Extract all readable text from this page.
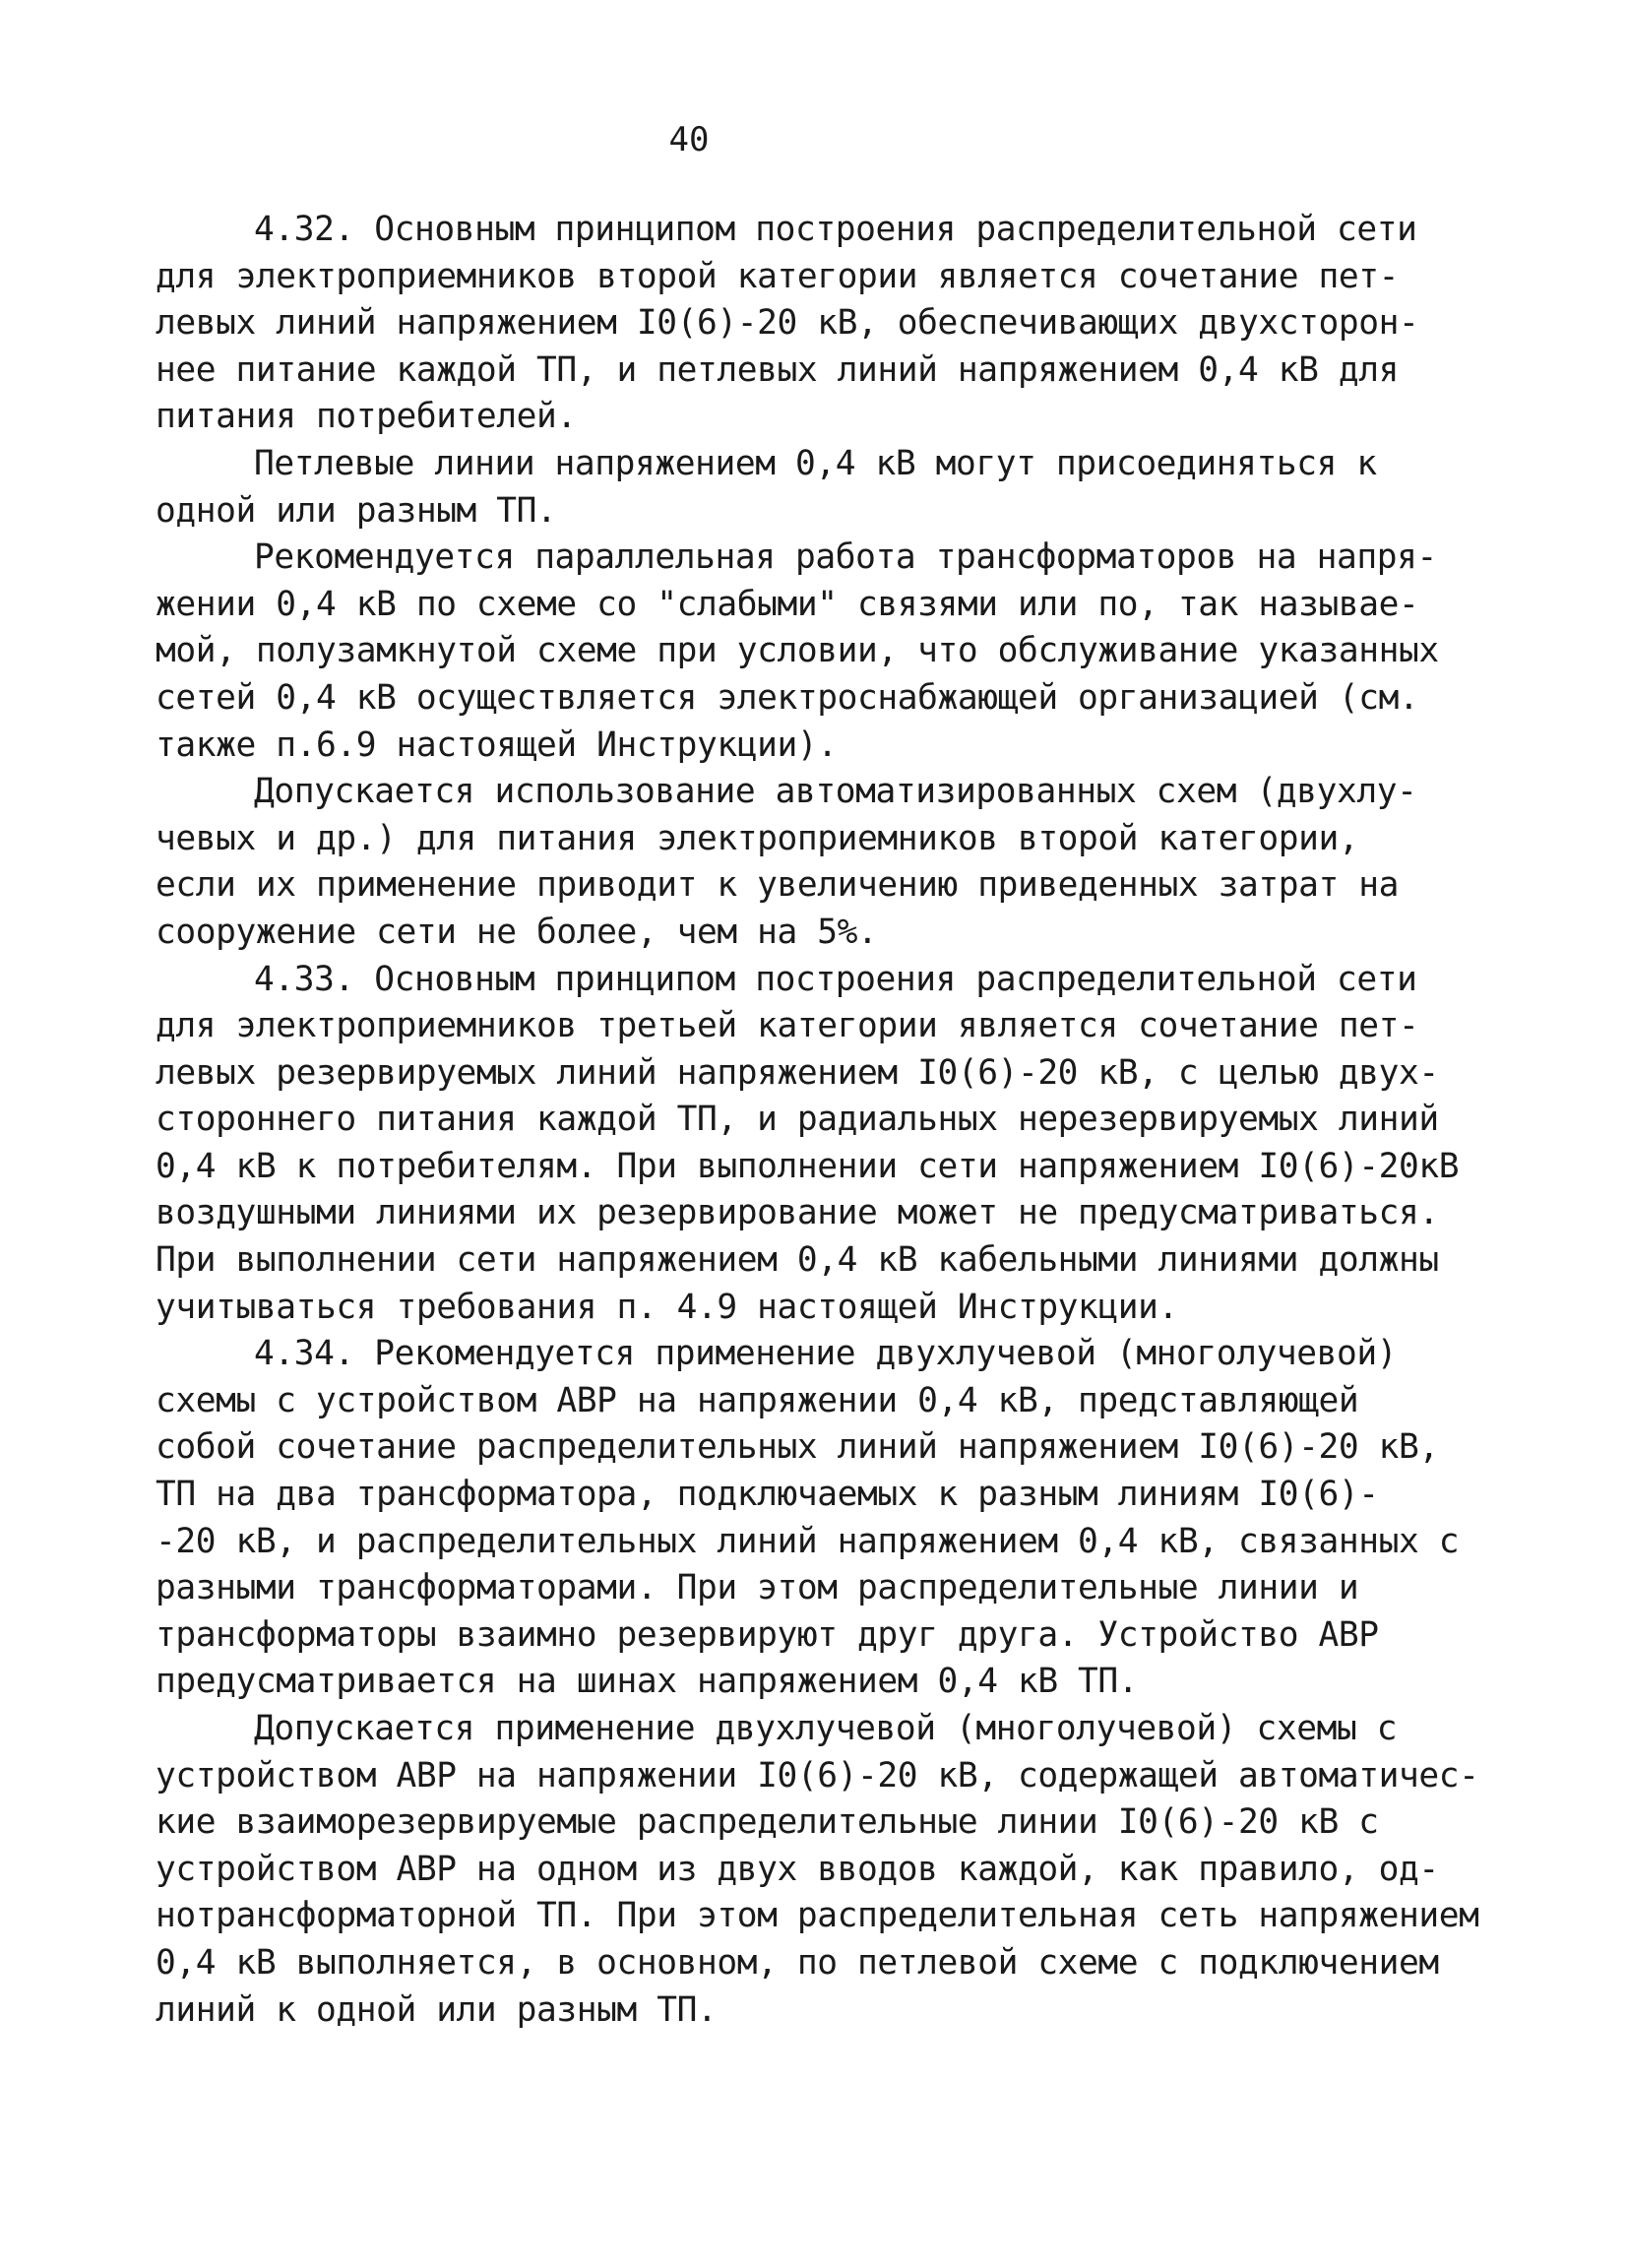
40
4.32. Основным принципом построения распределительной сети
для электроприемников второй категории является сочетание пет-
левых линий напряжением I0(6)-20 кВ, обеспечивающих двухсторон-
нее питание каждой ТП, и петлевых линий напряжением 0,4 кВ для
питания потребителей.
Петлевые линии напряжением 0,4 кВ могут присоединяться к
одной или разным ТП.
Рекомендуется параллельная работа трансформаторов на напря-
жении 0,4 кВ по схеме со "слабыми" связями или по, так называе-
мой, полузамкнутой схеме при условии, что обслуживание указанных
сетей 0,4 кВ осуществляется электроснабжающей организацией (см.
также п.6.9 настоящей Инструкции).
Допускается использование автоматизированных схем (двухлу-
чевых и др.) для питания электроприемников второй категории,
если их применение приводит к увеличению приведенных затрат на
сооружение сети не более, чем на 5%.
4.33. Основным принципом построения распределительной сети
для электроприемников третьей категории является сочетание пет-
левых резервируемых линий напряжением I0(6)-20 кВ, с целью двух-
стороннего питания каждой ТП, и радиальных нерезервируемых линий
0,4 кВ к потребителям. При выполнении сети напряжением I0(6)-20кВ
воздушными линиями их резервирование может не предусматриваться.
При выполнении сети напряжением 0,4 кВ кабельными линиями должны
учитываться требования п. 4.9 настоящей Инструкции.
4.34. Рекомендуется применение двухлучевой (многолучевой)
схемы с устройством АВР на напряжении 0,4 кВ, представляющей
собой сочетание распределительных линий напряжением I0(6)-20 кВ,
ТП на два трансформатора, подключаемых к разным линиям I0(6)-
-20 кВ, и распределительных линий напряжением 0,4 кВ, связанных с
разными трансформаторами. При этом распределительные линии и
трансформаторы взаимно резервируют друг друга. Устройство АВР
предусматривается на шинах напряжением 0,4 кВ ТП.
Допускается применение двухлучевой (многолучевой) схемы с
устройством АВР на напряжении I0(6)-20 кВ, содержащей автоматичес-
кие взаиморезервируемые распределительные линии I0(6)-20 кВ с
устройством АВР на одном из двух вводов каждой, как правило, од-
нотрансформаторной ТП. При этом распределительная сеть напряжением
0,4 кВ выполняется, в основном, по петлевой схеме с подключением
линий к одной или разным ТП.
